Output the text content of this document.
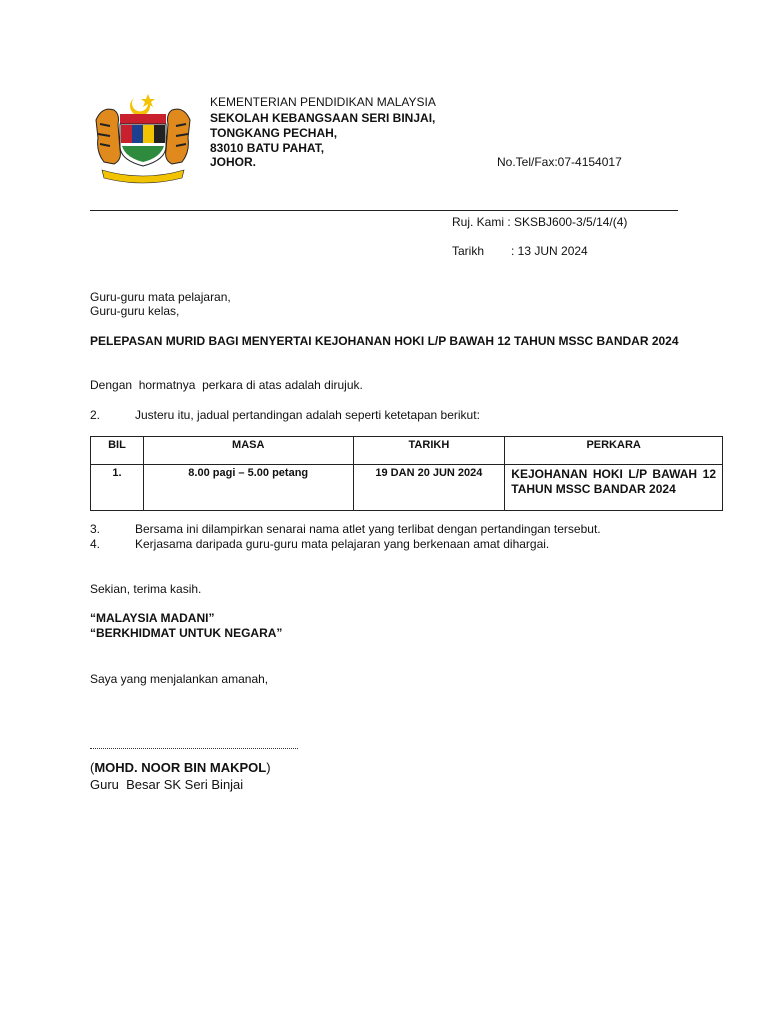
KEMENTERIAN PENDIDIKAN MALAYSIA
SEKOLAH KEBANGSAAN SERI BINJAI,
TONGKANG PECHAH,
83010 BATU PAHAT,
JOHOR.	No.Tel/Fax:07-4154017
Ruj. Kami : SKSBJ600-3/5/14/(4)
Tarikh : 13 JUN 2024
Guru-guru mata pelajaran,
Guru-guru kelas,
PELEPASAN MURID BAGI MENYERTAI KEJOHANAN HOKI L/P BAWAH 12 TAHUN MSSC BANDAR 2024
Dengan  hormatnya  perkara di atas adalah dirujuk.
2.	Justeru itu, jadual pertandingan adalah seperti ketetapan berikut:
BIL	MASA	TARIKH	PERKARA
1.	8.00 pagi – 5.00 petang	19 DAN 20 JUN 2024	KEJOHANAN HOKI L/P BAWAH 12 TAHUN MSSC BANDAR 2024
3.	Bersama ini dilampirkan senarai nama atlet yang terlibat dengan pertandingan tersebut.
4.	Kerjasama daripada guru-guru mata pelajaran yang berkenaan amat dihargai.
Sekian, terima kasih.
“MALAYSIA MADANI”
“BERKHIDMAT UNTUK NEGARA”
Saya yang menjalankan amanah,
(MOHD. NOOR BIN MAKPOL)
Guru  Besar SK Seri Binjai
